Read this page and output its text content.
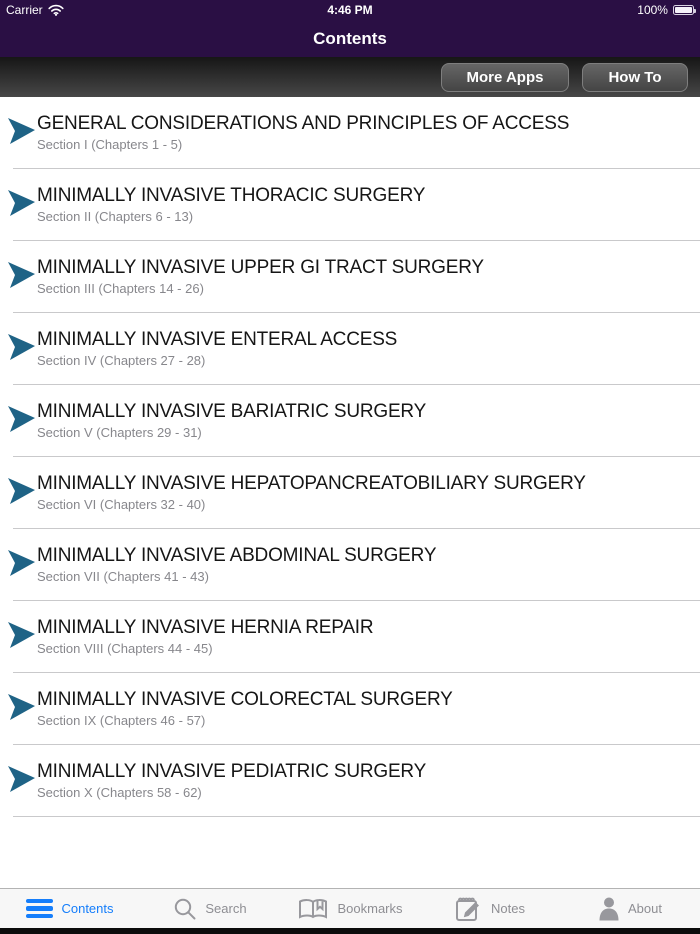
Carrier	4:46 PM	100%
Contents
More Apps	How To
GENERAL CONSIDERATIONS AND PRINCIPLES OF ACCESS
Section I (Chapters 1 - 5)
MINIMALLY INVASIVE THORACIC SURGERY
Section II (Chapters 6 - 13)
MINIMALLY INVASIVE UPPER GI TRACT SURGERY
Section III (Chapters 14 - 26)
MINIMALLY INVASIVE ENTERAL ACCESS
Section IV (Chapters 27 - 28)
MINIMALLY INVASIVE BARIATRIC SURGERY
Section V (Chapters 29 - 31)
MINIMALLY INVASIVE HEPATOPANCREATOBILIARY SURGERY
Section VI (Chapters 32 - 40)
MINIMALLY INVASIVE ABDOMINAL SURGERY
Section VII (Chapters 41 - 43)
MINIMALLY INVASIVE HERNIA REPAIR
Section VIII (Chapters 44 - 45)
MINIMALLY INVASIVE COLORECTAL SURGERY
Section IX (Chapters 46 - 57)
MINIMALLY INVASIVE PEDIATRIC SURGERY
Section X (Chapters 58 - 62)
Contents	Search	Bookmarks	Notes	About
